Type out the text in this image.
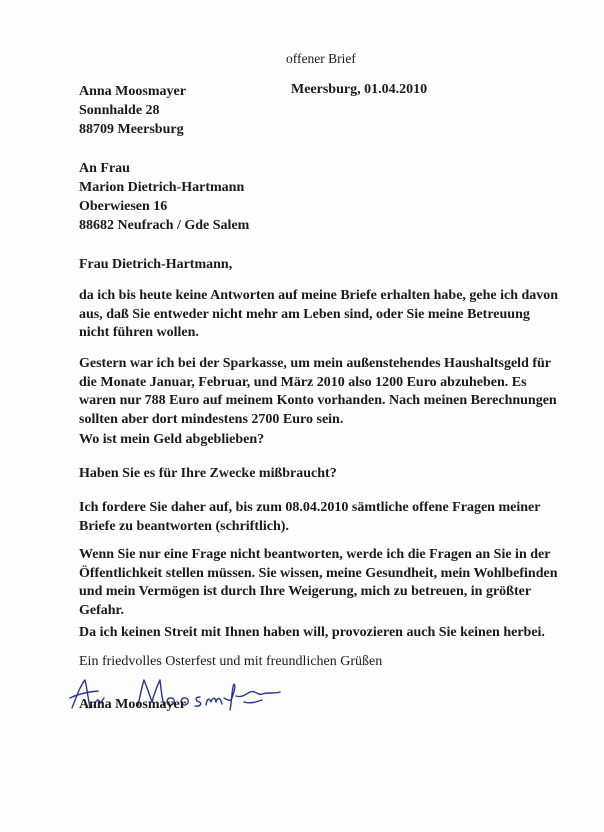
offener Brief
Anna Moosmayer
Sonnhalde 28
88709 Meersburg
Meersburg, 01.04.2010
An Frau
Marion Dietrich-Hartmann
Oberwiesen 16
88682 Neufrach / Gde Salem
Frau Dietrich-Hartmann,
da ich bis heute keine Antworten auf meine Briefe erhalten habe, gehe ich davon
aus, daß Sie entweder nicht mehr am Leben sind, oder Sie meine Betreuung
nicht führen wollen.
Gestern war ich bei der Sparkasse, um mein außenstehendes Haushaltsgeld für
die Monate Januar, Februar, und März 2010 also 1200 Euro abzuheben. Es
waren nur 788 Euro auf meinem Konto vorhanden. Nach meinen Berechnungen
sollten aber dort mindestens 2700 Euro sein.
Wo ist mein Geld abgeblieben?
Haben Sie es für Ihre Zwecke mißbraucht?
Ich fordere Sie daher auf, bis zum 08.04.2010 sämtliche offene Fragen meiner
Briefe zu beantworten (schriftlich).
Wenn Sie nur eine Frage nicht beantworten, werde ich die Fragen an Sie in der
Öffentlichkeit stellen müssen. Sie wissen, meine Gesundheit, mein Wohlbefinden
und mein Vermögen ist durch Ihre Weigerung, mich zu betreuen, in größter
Gefahr.
Da ich keinen Streit mit Ihnen haben will, provozieren auch Sie keinen herbei.
Ein friedvolles Osterfest und mit freundlichen Grüßen
Anna Moosmayer
